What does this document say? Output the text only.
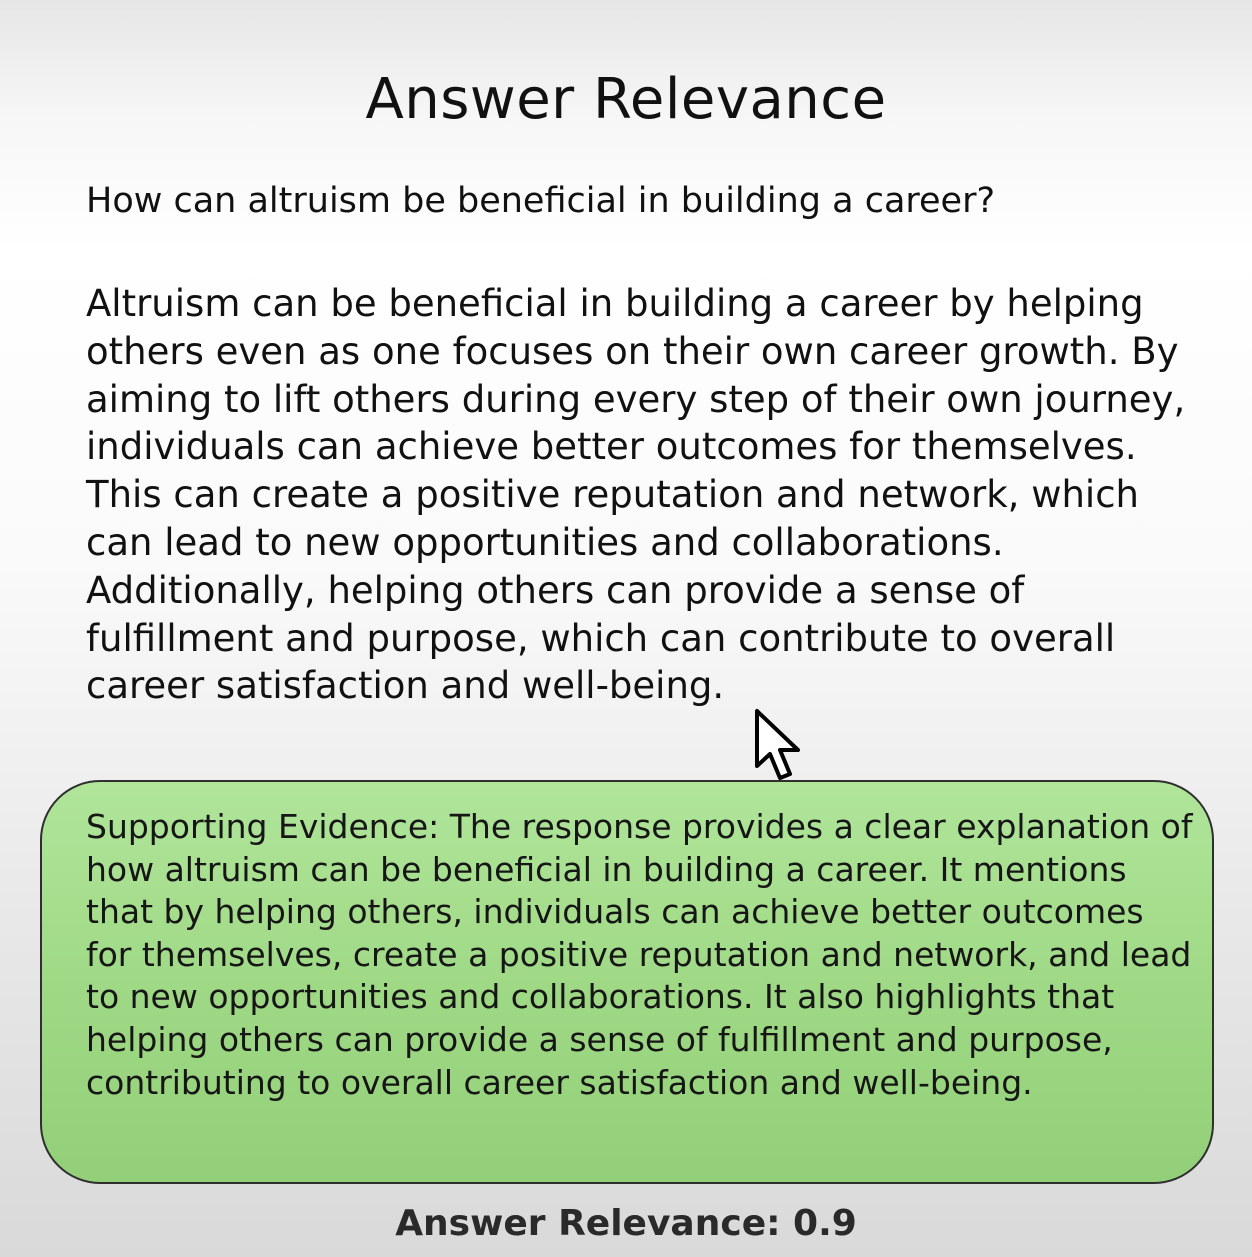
Answer Relevance

How can altruism be beneficial in building a career?

Altruism can be beneficial in building a career by helping others even as one focuses on their own career growth. By aiming to lift others during every step of their own journey, individuals can achieve better outcomes for themselves. This can create a positive reputation and network, which can lead to new opportunities and collaborations. Additionally, helping others can provide a sense of fulfillment and purpose, which can contribute to overall career satisfaction and well-being.

Supporting Evidence: The response provides a clear explanation of how altruism can be beneficial in building a career. It mentions that by helping others, individuals can achieve better outcomes for themselves, create a positive reputation and network, and lead to new opportunities and collaborations. It also highlights that helping others can provide a sense of fulfillment and purpose, contributing to overall career satisfaction and well-being.

Answer Relevance: 0.9
